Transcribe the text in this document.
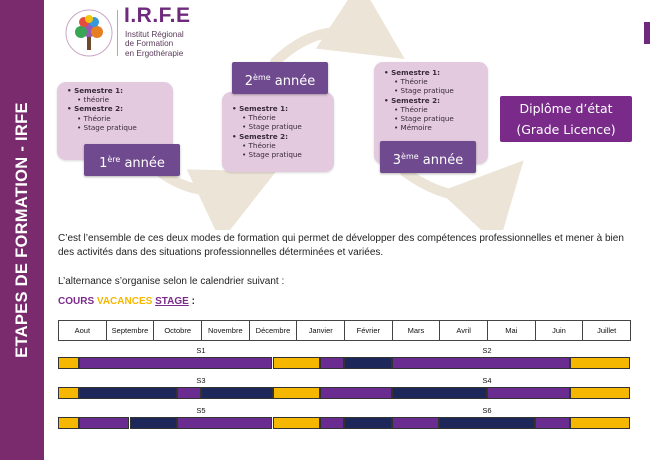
ETAPES DE FORMATION - IRFE
I.R.F.E
Institut Régional
de Formation
en Ergothérapie
• Semestre 1:
• théorie
• Semestre 2:
• Théorie
• Stage pratique
1ère année
• Semestre 1:
• Théorie
• Stage pratique
• Semestre 2:
• Théorie
• Stage pratique
2ème année
• Semestre 1:
• Théorie
• Stage pratique
• Semestre 2:
• Théorie
• Stage pratique
• Mémoire
3ème année
Diplôme d’état
(Grade Licence)
C’est l’ensemble de ces deux modes de formation qui permet de développer des compétences professionnelles et mener à bien des activités dans des situations professionnelles déterminées et variées.
L’alternance s’organise selon le calendrier suivant :
COURS VACANCES STAGE :
Aout	Septembre	Octobre	Novembre	Décembre	Janvier	Février	Mars	Avril	Mai	Juin	Juillet
S1	S2
S3	S4
S5	S6
